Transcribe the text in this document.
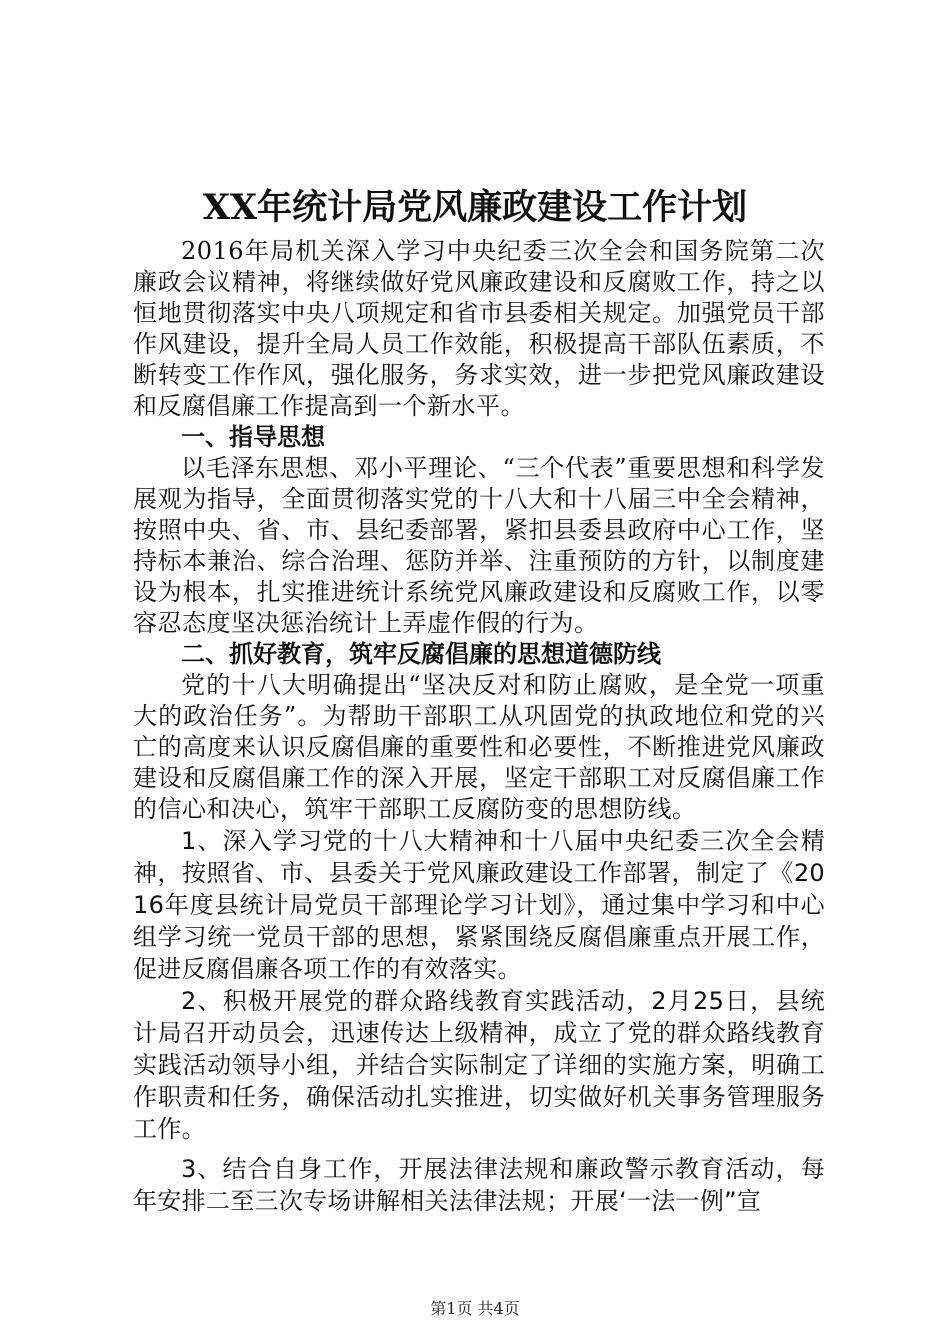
XX年统计局党风廉政建设工作计划

2016年局机关深入学习中央纪委三次全会和国务院第二次廉政会议精神，将继续做好党风廉政建设和反腐败工作，持之以恒地贯彻落实中央八项规定和省市县委相关规定。加强党员干部作风建设，提升全局人员工作效能，积极提高干部队伍素质，不断转变工作作风，强化服务，务求实效，进一步把党风廉政建设和反腐倡廉工作提高到一个新水平。

一、指导思想

以毛泽东思想、邓小平理论、“三个代表”重要思想和科学发展观为指导，全面贯彻落实党的十八大和十八届三中全会精神，按照中央、省、市、县纪委部署，紧扣县委县政府中心工作，坚持标本兼治、综合治理、惩防并举、注重预防的方针，以制度建设为根本，扎实推进统计系统党风廉政建设和反腐败工作，以零容忍态度坚决惩治统计上弄虚作假的行为。

二、抓好教育，筑牢反腐倡廉的思想道德防线

党的十八大明确提出“坚决反对和防止腐败，是全党一项重大的政治任务”。为帮助干部职工从巩固党的执政地位和党的兴亡的高度来认识反腐倡廉的重要性和必要性，不断推进党风廉政建设和反腐倡廉工作的深入开展，坚定干部职工对反腐倡廉工作的信心和决心，筑牢干部职工反腐防变的思想防线。

1、深入学习党的十八大精神和十八届中央纪委三次全会精神，按照省、市、县委关于党风廉政建设工作部署，制定了《2016年度县统计局党员干部理论学习计划》，通过集中学习和中心组学习统一党员干部的思想，紧紧围绕反腐倡廉重点开展工作，促进反腐倡廉各项工作的有效落实。

2、积极开展党的群众路线教育实践活动，2月25日，县统计局召开动员会，迅速传达上级精神，成立了党的群众路线教育实践活动领导小组，并结合实际制定了详细的实施方案，明确工作职责和任务，确保活动扎实推进，切实做好机关事务管理服务工作。

3、结合自身工作，开展法律法规和廉政警示教育活动，每年安排二至三次专场讲解相关法律法规；开展‘一法一例”宣

第1页 共4页
